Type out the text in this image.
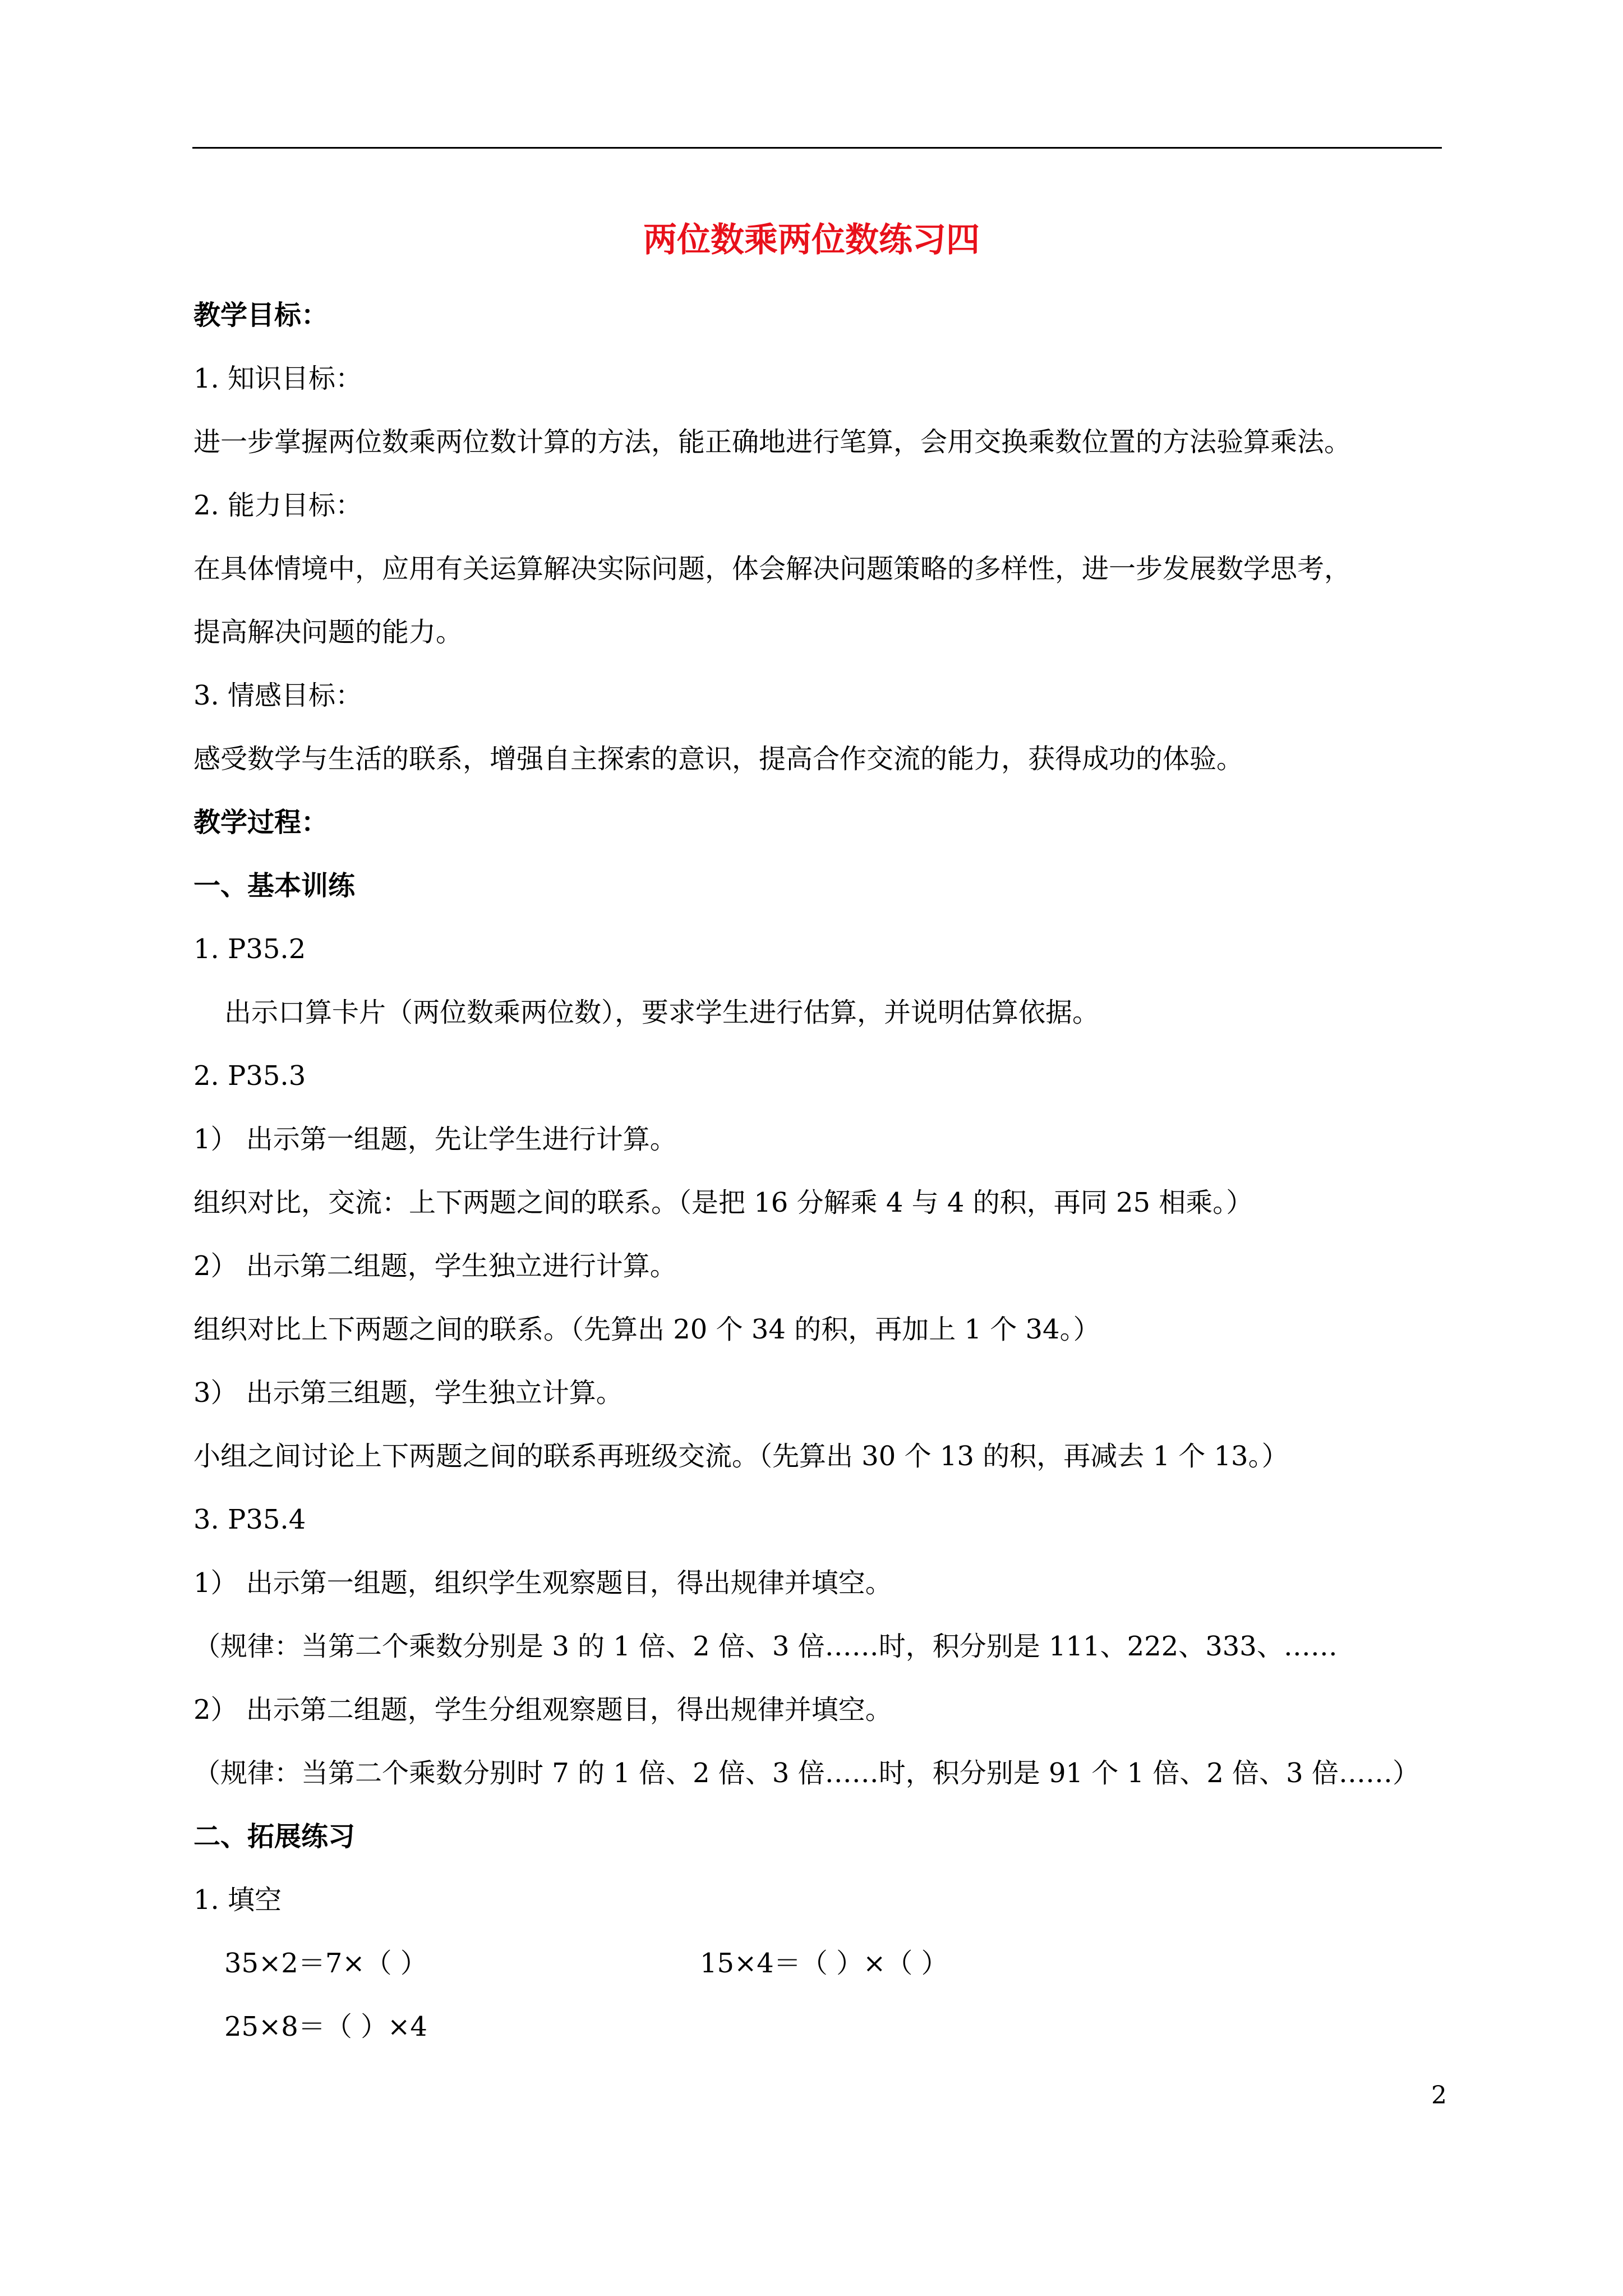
两位数乘两位数练习四
教学目标：
1. 知识目标：
进一步掌握两位数乘两位数计算的方法，能正确地进行笔算，会用交换乘数位置的方法验算乘法。
2. 能力目标：
在具体情境中，应用有关运算解决实际问题，体会解决问题策略的多样性，进一步发展数学思考，
提高解决问题的能力。
3. 情感目标：
感受数学与生活的联系，增强自主探索的意识，提高合作交流的能力，获得成功的体验。
教学过程：
一、基本训练
1. P35.2
出示口算卡片（两位数乘两位数），要求学生进行估算，并说明估算依据。
2. P35.3
1） 出示第一组题，先让学生进行计算。
组织对比，交流：上下两题之间的联系。（是把 16 分解乘 4 与 4 的积，再同 25 相乘。）
2） 出示第二组题，学生独立进行计算。
组织对比上下两题之间的联系。（先算出 20 个 34 的积，再加上 1 个 34。）
3） 出示第三组题，学生独立计算。
小组之间讨论上下两题之间的联系再班级交流。（先算出 30 个 13 的积，再减去 1 个 13。）
3. P35.4
1） 出示第一组题，组织学生观察题目，得出规律并填空。
（规律：当第二个乘数分别是 3 的 1 倍、2 倍、3 倍……时，积分别是 111、222、333、……
2） 出示第二组题，学生分组观察题目，得出规律并填空。
（规律：当第二个乘数分别时 7 的 1 倍、2 倍、3 倍……时，积分别是 91 个 1 倍、2 倍、3 倍……）
二、拓展练习
1. 填空
35×2＝7×（ ）	15×4＝（ ）×（ ）
25×8＝（ ）×4
2
